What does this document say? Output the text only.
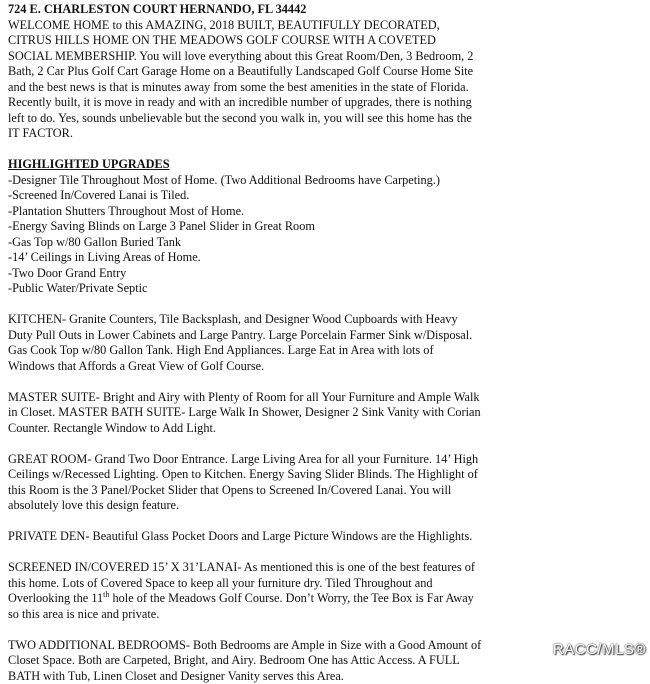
724 E. CHARLESTON COURT HERNANDO, FL 34442
WELCOME HOME to this AMAZING, 2018 BUILT, BEAUTIFULLY DECORATED,
CITRUS HILLS HOME ON THE MEADOWS GOLF COURSE WITH A COVETED
SOCIAL MEMBERSHIP. You will love everything about this Great Room/Den, 3 Bedroom, 2
Bath, 2 Car Plus Golf Cart Garage Home on a Beautifully Landscaped Golf Course Home Site
and the best news is that is minutes away from some the best amenities in the state of Florida.
Recently built, it is move in ready and with an incredible number of upgrades, there is nothing
left to do. Yes, sounds unbelievable but the second you walk in, you will see this home has the
IT FACTOR.
HIGHLIGHTED UPGRADES
-Designer Tile Throughout Most of Home. (Two Additional Bedrooms have Carpeting.)
-Screened In/Covered Lanai is Tiled.
-Plantation Shutters Throughout Most of Home.
-Energy Saving Blinds on Large 3 Panel Slider in Great Room
-Gas Top w/80 Gallon Buried Tank
-14’ Ceilings in Living Areas of Home.
-Two Door Grand Entry
-Public Water/Private Septic
KITCHEN- Granite Counters, Tile Backsplash, and Designer Wood Cupboards with Heavy
Duty Pull Outs in Lower Cabinets and Large Pantry. Large Porcelain Farmer Sink w/Disposal.
Gas Cook Top w/80 Gallon Tank. High End Appliances. Large Eat in Area with lots of
Windows that Affords a Great View of Golf Course.
MASTER SUITE- Bright and Airy with Plenty of Room for all Your Furniture and Ample Walk
in Closet. MASTER BATH SUITE- Large Walk In Shower, Designer 2 Sink Vanity with Corian
Counter. Rectangle Window to Add Light.
GREAT ROOM- Grand Two Door Entrance. Large Living Area for all your Furniture. 14’ High
Ceilings w/Recessed Lighting. Open to Kitchen. Energy Saving Slider Blinds. The Highlight of
this Room is the 3 Panel/Pocket Slider that Opens to Screened In/Covered Lanai. You will
absolutely love this design feature.
PRIVATE DEN- Beautiful Glass Pocket Doors and Large Picture Windows are the Highlights.
SCREENED IN/COVERED 15’ X 31’LANAI- As mentioned this is one of the best features of
this home. Lots of Covered Space to keep all your furniture dry. Tiled Throughout and
Overlooking the 11th hole of the Meadows Golf Course. Don’t Worry, the Tee Box is Far Away
so this area is nice and private.
TWO ADDITIONAL BEDROOMS- Both Bedrooms are Ample in Size with a Good Amount of
Closet Space. Both are Carpeted, Bright, and Airy. Bedroom One has Attic Access. A FULL
BATH with Tub, Linen Closet and Designer Vanity serves this Area.
RACC/MLS®
